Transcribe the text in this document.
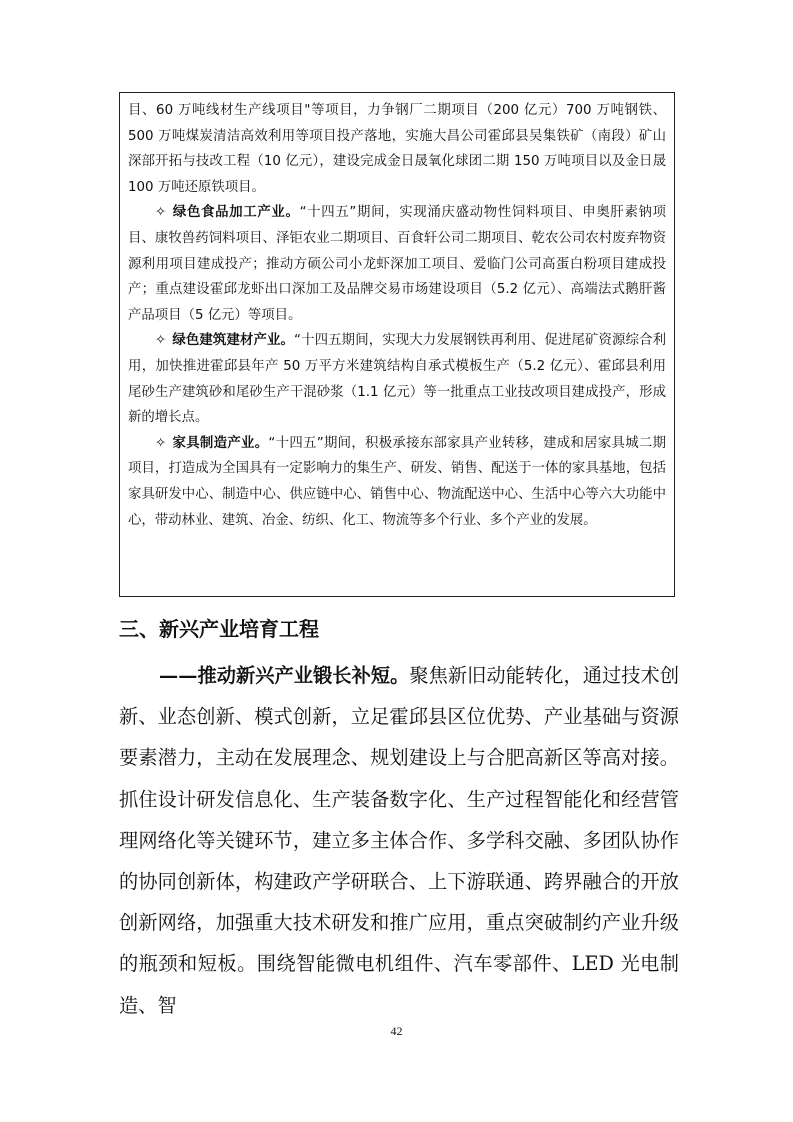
目、60 万吨线材生产线项目"等项目，力争钢厂二期项目（200 亿元）700 万吨钢铁、500 万吨煤炭清洁高效利用等项目投产落地，实施大昌公司霍邱县吴集铁矿（南段）矿山深部开拓与技改工程（10 亿元），建设完成金日晟氧化球团二期 150 万吨项目以及金日晟 100 万吨还原铁项目。

✧ 绿色食品加工产业。“十四五”期间，实现涌庆盛动物性饲料项目、申奥肝素钠项目、康牧兽药饲料项目、泽钜农业二期项目、百食轩公司二期项目、乾农公司农村废弃物资源利用项目建成投产；推动方硕公司小龙虾深加工项目、爱临门公司高蛋白粉项目建成投产；重点建设霍邱龙虾出口深加工及品牌交易市场建设项目（5.2 亿元）、高端法式鹅肝酱产品项目（5 亿元）等项目。

✧ 绿色建筑建材产业。“十四五期间，实现大力发展钢铁再利用、促进尾矿资源综合利用，加快推进霍邱县年产 50 万平方米建筑结构自承式模板生产（5.2 亿元）、霍邱县利用尾砂生产建筑砂和尾砂生产干混砂浆（1.1 亿元）等一批重点工业技改项目建成投产，形成新的增长点。

✧ 家具制造产业。“十四五”期间，积极承接东部家具产业转移，建成和居家具城二期项目，打造成为全国具有一定影响力的集生产、研发、销售、配送于一体的家具基地，包括家具研发中心、制造中心、供应链中心、销售中心、物流配送中心、生活中心等六大功能中心，带动林业、建筑、冶金、纺织、化工、物流等多个行业、多个产业的发展。

三、新兴产业培育工程

——推动新兴产业锻长补短。聚焦新旧动能转化，通过技术创新、业态创新、模式创新，立足霍邱县区位优势、产业基础与资源要素潜力，主动在发展理念、规划建设上与合肥高新区等高对接。抓住设计研发信息化、生产装备数字化、生产过程智能化和经营管理网络化等关键环节，建立多主体合作、多学科交融、多团队协作的协同创新体，构建政产学研联合、上下游联通、跨界融合的开放创新网络，加强重大技术研发和推广应用，重点突破制约产业升级的瓶颈和短板。围绕智能微电机组件、汽车零部件、LED 光电制造、智

42
